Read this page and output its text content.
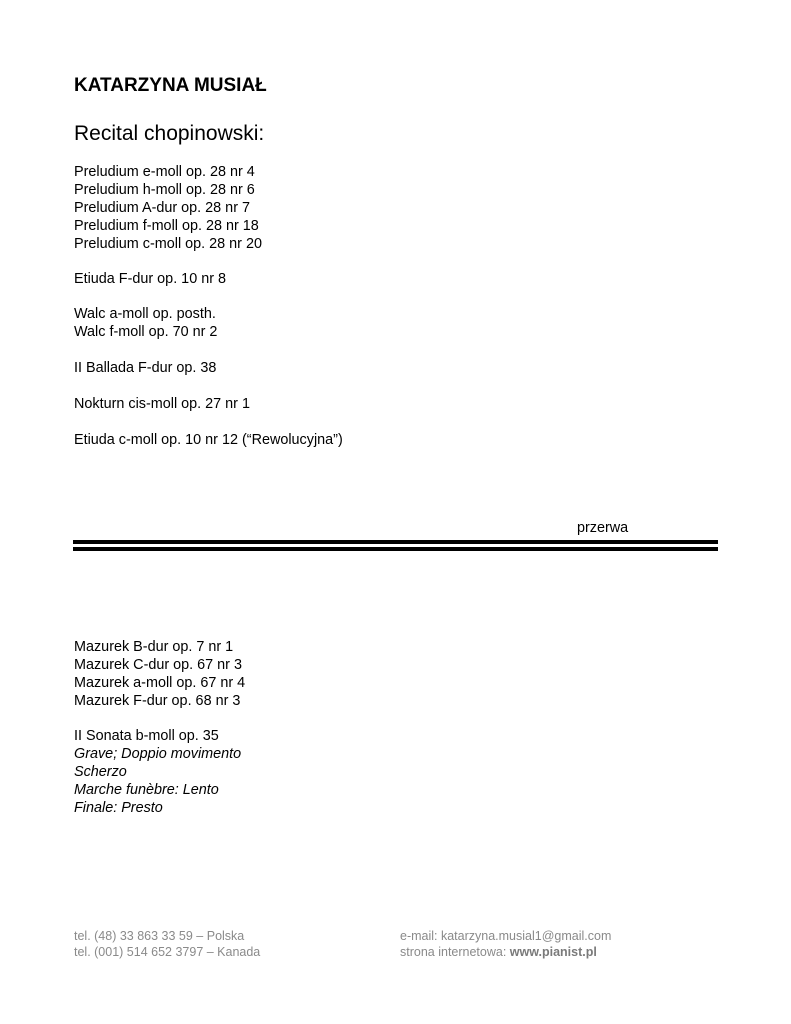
KATARZYNA MUSIAŁ
Recital chopinowski:
Preludium e-moll op. 28 nr 4
Preludium h-moll op. 28 nr 6
Preludium A-dur op. 28 nr 7
Preludium f-moll op. 28 nr 18
Preludium c-moll op. 28 nr 20
Etiuda F-dur op. 10 nr 8
Walc a-moll op. posth.
Walc f-moll op. 70 nr 2
II Ballada F-dur op. 38
Nokturn cis-moll op. 27 nr 1
Etiuda c-moll op. 10 nr 12 (“Rewolucyjna”)
przerwa
Mazurek B-dur op. 7 nr 1
Mazurek C-dur op. 67 nr 3
Mazurek a-moll op. 67 nr 4
Mazurek F-dur op. 68 nr 3
II Sonata b-moll op. 35
Grave; Doppio movimento
Scherzo
Marche funèbre: Lento
Finale: Presto
tel. (48) 33 863 33 59 – Polska
tel. (001) 514 652 3797 – Kanada
e-mail: katarzyna.musial1@gmail.com
strona internetowa: www.pianist.pl
